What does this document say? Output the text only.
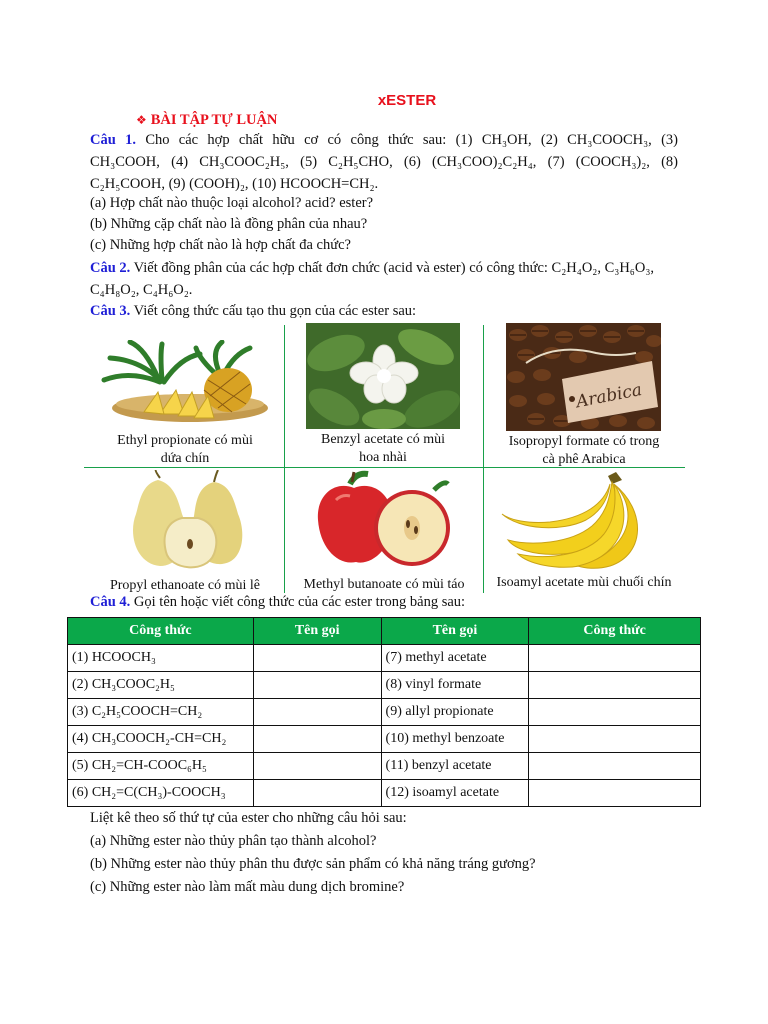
xESTER
❖ BÀI TẬP TỰ LUẬN
Câu 1. Cho các hợp chất hữu cơ có công thức sau: (1) CH₃OH, (2) CH₃COOCH₃, (3)
CH₃COOH, (4) CH₃COOC₂H₅, (5) C₂H₅CHO, (6) (CH₃COO)₂C₂H₄, (7) (COOCH₃)₂, (8)
C₂H₅COOH, (9) (COOH)₂, (10) HCOOCH=CH₂.
(a) Hợp chất nào thuộc loại alcohol? acid? ester?
(b) Những cặp chất nào là đồng phân của nhau?
(c) Những hợp chất nào là hợp chất đa chức?
Câu 2. Viết đồng phân của các hợp chất đơn chức (acid và ester) có công thức: C₂H₄O₂, C₃H₆O₃,
C₄H₈O₂, C₄H₆O₂.
Câu 3. Viết công thức cấu tạo thu gọn của các ester sau:
Arabica
Ethyl propionate có mùi
dứa chín
Benzyl acetate có mùi
hoa nhài
Isopropyl formate có trong
cà phê Arabica
Propyl ethanoate có mùi lê	Methyl butanoate có mùi táo	Isoamyl acetate mùi chuối chín
Câu 4. Gọi tên hoặc viết công thức của các ester trong bảng sau:
Công thức	Tên gọi	Tên gọi	Công thức
(1) HCOOCH₃		(7) methyl acetate	
(2) CH₃COOC₂H₅		(8) vinyl formate	
(3) C₂H₅COOCH=CH₂		(9) allyl propionate	
(4) CH₃COOCH₂-CH=CH₂		(10) methyl benzoate	
(5) CH₂=CH-COOC₆H₅		(11) benzyl acetate	
(6) CH₂=C(CH₃)-COOCH₃		(12) isoamyl acetate	
Liệt kê theo số thứ tự của ester cho những câu hỏi sau:
(a) Những ester nào thủy phân tạo thành alcohol?
(b) Những ester nào thủy phân thu được sản phẩm có khả năng tráng gương?
(c) Những ester nào làm mất màu dung dịch bromine?
